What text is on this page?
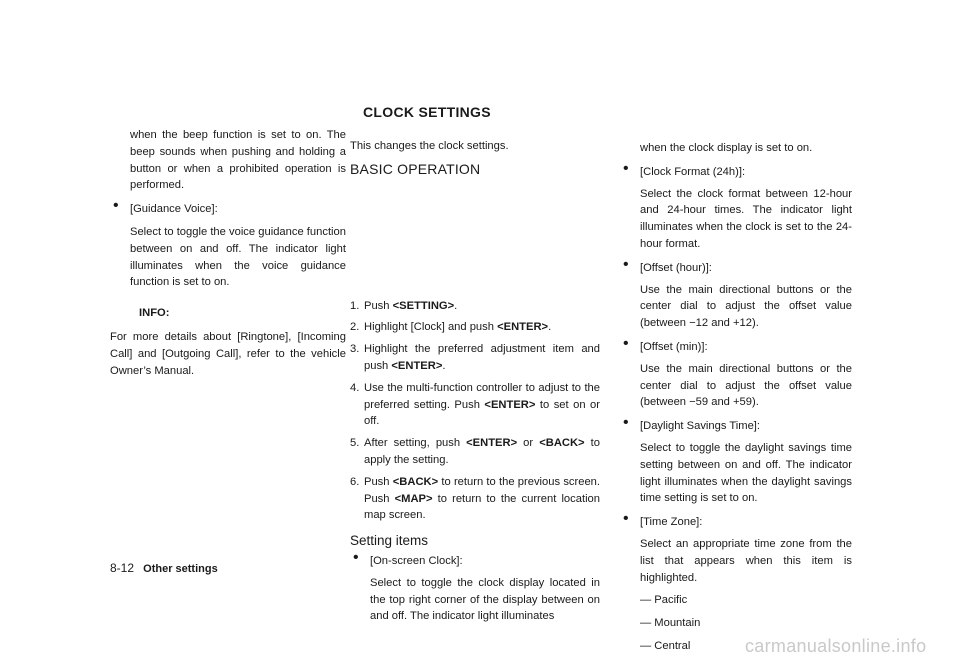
CLOCK SETTINGS

when the beep function is set to on. The beep sounds when pushing and holding a button or when a prohibited operation is performed.

• [Guidance Voice]:

Select to toggle the voice guidance function between on and off. The indicator light illuminates when the voice guidance function is set to on.

INFO:

For more details about [Ringtone], [Incoming Call] and [Outgoing Call], refer to the vehicle Owner’s Manual.

This changes the clock settings.

BASIC OPERATION

1. Push <SETTING>.
2. Highlight [Clock] and push <ENTER>.
3. Highlight the preferred adjustment item and push <ENTER>.
4. Use the multi-function controller to adjust to the preferred setting. Push <ENTER> to set on or off.
5. After setting, push <ENTER> or <BACK> to apply the setting.
6. Push <BACK> to return to the previous screen. Push <MAP> to return to the current location map screen.

Setting items

• [On-screen Clock]:

Select to toggle the clock display located in the top right corner of the display between on and off. The indicator light illuminates

when the clock display is set to on.

• [Clock Format (24h)]:

Select the clock format between 12-hour and 24-hour times. The indicator light illuminates when the clock is set to the 24-hour format.

• [Offset (hour)]:

Use the main directional buttons or the center dial to adjust the offset value (between −12 and +12).

• [Offset (min)]:

Use the main directional buttons or the center dial to adjust the offset value (between −59 and +59).

• [Daylight Savings Time]:

Select to toggle the daylight savings time setting between on and off. The indicator light illuminates when the daylight savings time setting is set to on.

• [Time Zone]:

Select an appropriate time zone from the list that appears when this item is highlighted.

— Pacific

— Mountain

— Central

8-12 Other settings
carmanualsonline.info
